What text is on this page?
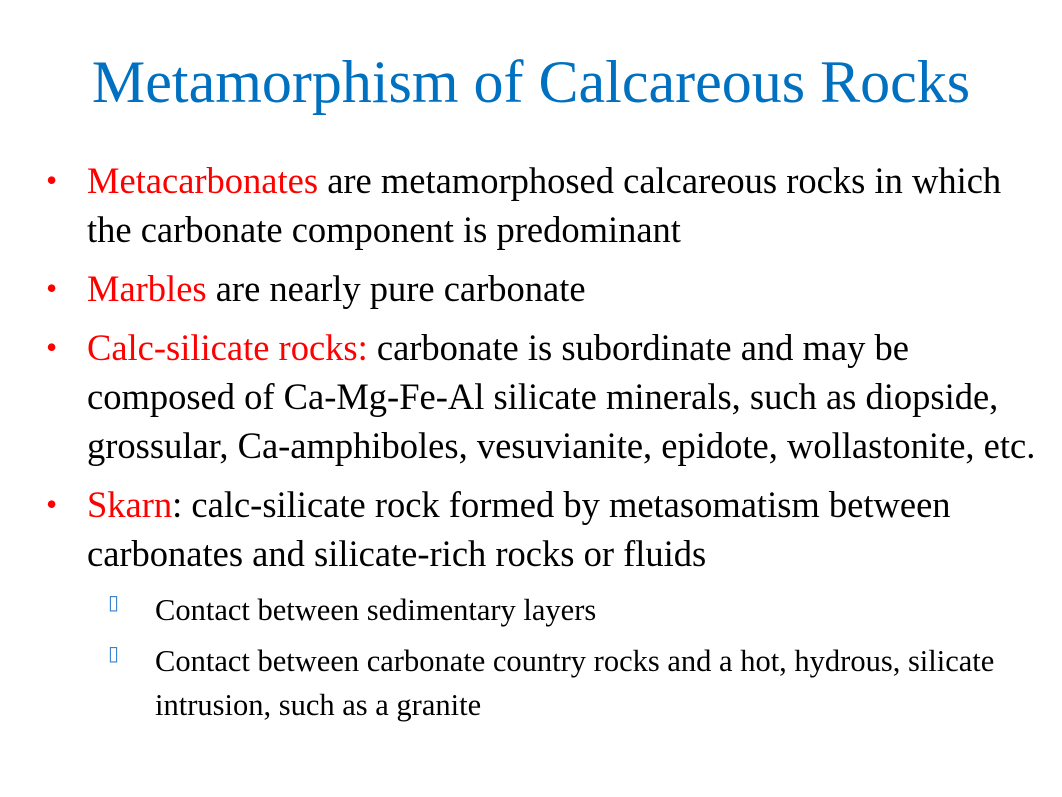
Metamorphism of Calcareous Rocks
• Metacarbonates are metamorphosed calcareous rocks in which the carbonate component is predominant
• Marbles are nearly pure carbonate
• Calc-silicate rocks: carbonate is subordinate and may be composed of Ca-Mg-Fe-Al silicate minerals, such as diopside, grossular, Ca-amphiboles, vesuvianite, epidote, wollastonite, etc.
• Skarn: calc-silicate rock formed by metasomatism between carbonates and silicate-rich rocks or fluids
▯ Contact between sedimentary layers
▯ Contact between carbonate country rocks and a hot, hydrous, silicate intrusion, such as a granite
